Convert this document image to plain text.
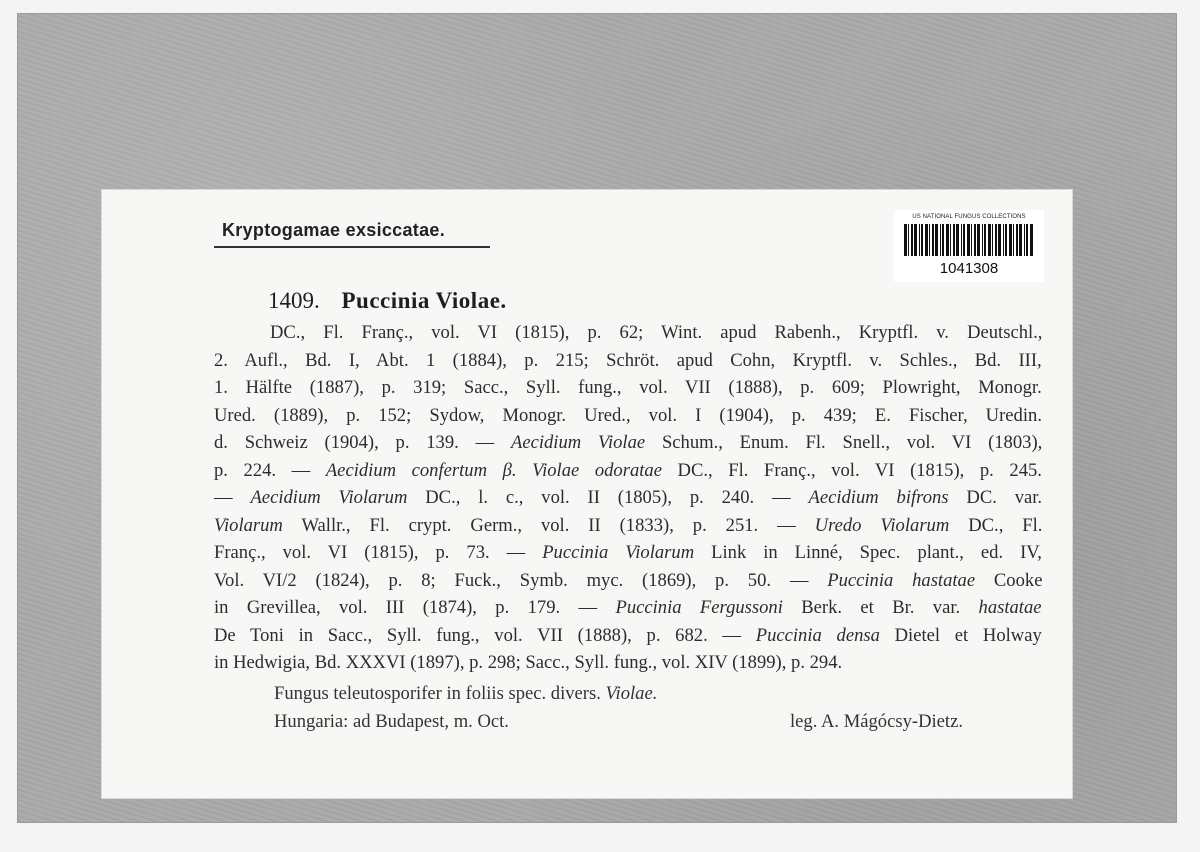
Kryptogamae exsiccatae.
US NATIONAL FUNGUS COLLECTIONS
1041308
1409. Puccinia Violae.
DC., Fl. Franç., vol. VI (1815), p. 62; Wint. apud Rabenh., Kryptfl. v. Deutschl.,
2. Aufl., Bd. I, Abt. 1 (1884), p. 215; Schröt. apud Cohn, Kryptfl. v. Schles., Bd. III,
1. Hälfte (1887), p. 319; Sacc., Syll. fung., vol. VII (1888), p. 609; Plowright, Monogr.
Ured. (1889), p. 152; Sydow, Monogr. Ured., vol. I (1904), p. 439; E. Fischer, Uredin.
d. Schweiz (1904), p. 139. — Aecidium Violae Schum., Enum. Fl. Snell., vol. VI (1803),
p. 224. — Aecidium confertum β. Violae odoratae DC., Fl. Franç., vol. VI (1815), p. 245.
— Aecidium Violarum DC., l. c., vol. II (1805), p. 240. — Aecidium bifrons DC. var.
Violarum Wallr., Fl. crypt. Germ., vol. II (1833), p. 251. — Uredo Violarum DC., Fl.
Franç., vol. VI (1815), p. 73. — Puccinia Violarum Link in Linné, Spec. plant., ed. IV,
Vol. VI/2 (1824), p. 8; Fuck., Symb. myc. (1869), p. 50. — Puccinia hastatae Cooke
in Grevillea, vol. III (1874), p. 179. — Puccinia Fergussoni Berk. et Br. var. hastatae
De Toni in Sacc., Syll. fung., vol. VII (1888), p. 682. — Puccinia densa Dietel et Holway
in Hedwigia, Bd. XXXVI (1897), p. 298; Sacc., Syll. fung., vol. XIV (1899), p. 294.
Fungus teleutosporifer in foliis spec. divers. Violae.
Hungaria: ad Budapest, m. Oct.	leg. A. Mágócsy-Dietz.
